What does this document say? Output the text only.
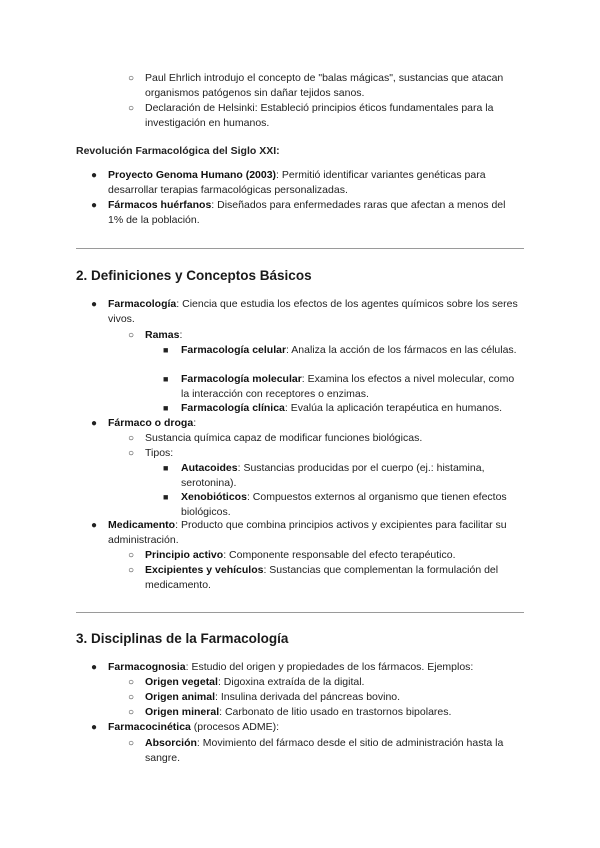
○ Paul Ehrlich introdujo el concepto de "balas mágicas", sustancias que atacan organismos patógenos sin dañar tejidos sanos.
○ Declaración de Helsinki: Estableció principios éticos fundamentales para la investigación en humanos.
Revolución Farmacológica del Siglo XXI:
● Proyecto Genoma Humano (2003): Permitió identificar variantes genéticas para desarrollar terapias farmacológicas personalizadas.
● Fármacos huérfanos: Diseñados para enfermedades raras que afectan a menos del 1% de la población.
2. Definiciones y Conceptos Básicos
● Farmacología: Ciencia que estudia los efectos de los agentes químicos sobre los seres vivos.
○ Ramas:
■ Farmacología celular: Analiza la acción de los fármacos en las células.
■ Farmacología molecular: Examina los efectos a nivel molecular, como la interacción con receptores o enzimas.
■ Farmacología clínica: Evalúa la aplicación terapéutica en humanos.
● Fármaco o droga:
○ Sustancia química capaz de modificar funciones biológicas.
○ Tipos:
■ Autacoides: Sustancias producidas por el cuerpo (ej.: histamina, serotonina).
■ Xenobióticos: Compuestos externos al organismo que tienen efectos biológicos.
● Medicamento: Producto que combina principios activos y excipientes para facilitar su administración.
○ Principio activo: Componente responsable del efecto terapéutico.
○ Excipientes y vehículos: Sustancias que complementan la formulación del medicamento.
3. Disciplinas de la Farmacología
● Farmacognosia: Estudio del origen y propiedades de los fármacos. Ejemplos:
○ Origen vegetal: Digoxina extraída de la digital.
○ Origen animal: Insulina derivada del páncreas bovino.
○ Origen mineral: Carbonato de litio usado en trastornos bipolares.
● Farmacocinética (procesos ADME):
○ Absorción: Movimiento del fármaco desde el sitio de administración hasta la sangre.
